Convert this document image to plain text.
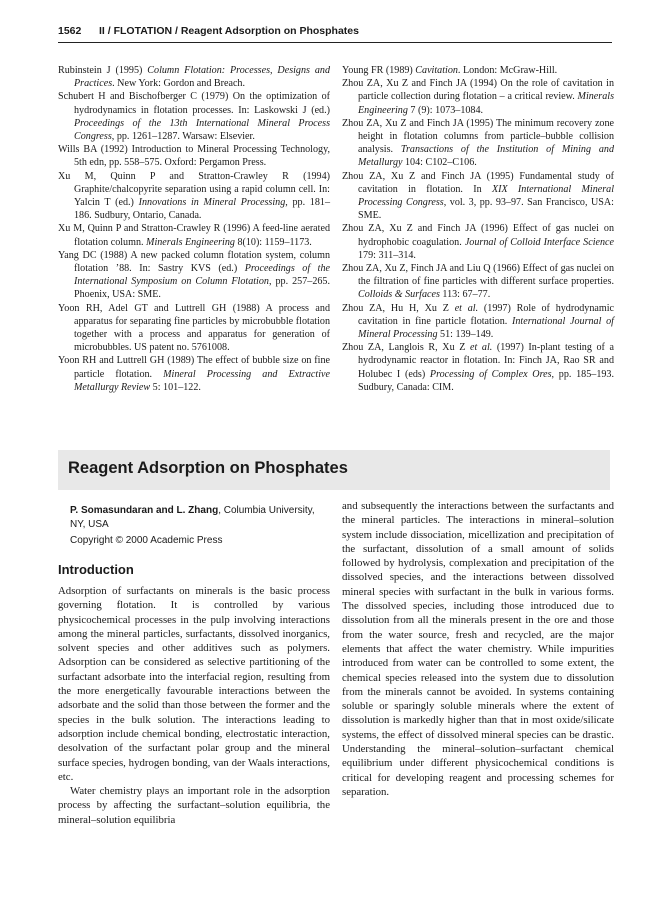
1562 II / FLOTATION / Reagent Adsorption on Phosphates

Rubinstein J (1995) Column Flotation: Processes, Designs and Practices. New York: Gordon and Breach.

Schubert H and Bischofberger C (1979) On the optimization of hydrodynamics in flotation processes. In: Laskowski J (ed.) Proceedings of the 13th International Mineral Process Congress, pp. 1261–1287. Warsaw: Elsevier.

Wills BA (1992) Introduction to Mineral Processing Technology, 5th edn, pp. 558–575. Oxford: Pergamon Press.

Xu M, Quinn P and Stratton-Crawley R (1994) Graphite/chalcopyrite separation using a rapid column cell. In: Yalcin T (ed.) Innovations in Mineral Processing, pp. 181–186. Sudbury, Ontario, Canada.

Xu M, Quinn P and Stratton-Crawley R (1996) A feed-line aerated flotation column. Minerals Engineering 8(10): 1159–1173.

Yang DC (1988) A new packed column flotation system, column flotation ’88. In: Sastry KVS (ed.) Proceedings of the International Symposium on Column Flotation, pp. 257–265. Phoenix, USA: SME.

Yoon RH, Adel GT and Luttrell GH (1988) A process and apparatus for separating fine particles by microbubble flotation together with a process and apparatus for generation of microbubbles. US patent no. 5761008.

Yoon RH and Luttrell GH (1989) The effect of bubble size on fine particle flotation. Mineral Processing and Extractive Metallurgy Review 5: 101–122.

Young FR (1989) Cavitation. London: McGraw-Hill.

Zhou ZA, Xu Z and Finch JA (1994) On the role of cavitation in particle collection during flotation – a critical review. Minerals Engineering 7 (9): 1073–1084.

Zhou ZA, Xu Z and Finch JA (1995) The minimum recovery zone height in flotation columns from particle–bubble collision analysis. Transactions of the Institution of Mining and Metallurgy 104: C102–C106.

Zhou ZA, Xu Z and Finch JA (1995) Fundamental study of cavitation in flotation. In XIX International Mineral Processing Congress, vol. 3, pp. 93–97. San Francisco, USA: SME.

Zhou ZA, Xu Z and Finch JA (1996) Effect of gas nuclei on hydrophobic coagulation. Journal of Colloid Interface Science 179: 311–314.

Zhou ZA, Xu Z, Finch JA and Liu Q (1966) Effect of gas nuclei on the filtration of fine particles with different surface properties. Colloids & Surfaces 113: 67–77.

Zhou ZA, Hu H, Xu Z et al. (1997) Role of hydrodynamic cavitation in fine particle flotation. International Journal of Mineral Processing 51: 139–149.

Zhou ZA, Langlois R, Xu Z et al. (1997) In-plant testing of a hydrodynamic reactor in flotation. In: Finch JA, Rao SR and Holubec I (eds) Processing of Complex Ores, pp. 185–193. Sudbury, Canada: CIM.

Reagent Adsorption on Phosphates
P. Somasundaran and L. Zhang, Columbia University, NY, USA
Copyright © 2000 Academic Press
Introduction

Adsorption of surfactants on minerals is the basic process governing flotation. It is controlled by various physicochemical processes in the pulp involving interactions among the mineral particles, surfactants, dissolved inorganics, solvent species and other additives such as polymers. Adsorption can be considered as selective partitioning of the surfactant adsorbate into the interfacial region, resulting from the more energetically favourable interactions between the adsorbate and the solid than those between the former and the species in the bulk solution. The interactions leading to adsorption include chemical bonding, electrostatic interaction, desolvation of the surfactant polar group and the mineral surface species, hydrogen bonding, van der Waals interactions, etc.

Water chemistry plays an important role in the adsorption process by affecting the surfactant–solution equilibria, the mineral–solution equilibria

and subsequently the interactions between the surfactants and the mineral particles. The interactions in mineral–solution system include dissociation, micellization and precipitation of the surfactant, dissolution of a small amount of solids followed by hydrolysis, complexation and precipitation of the dissolved species, and the interactions between dissolved mineral species with surfactant in the bulk in various forms. The dissolved species, including those introduced due to dissolution from all the minerals present in the ore and those from the water source, fresh and recycled, are the major elements that affect the water chemistry. While impurities introduced from water can be controlled to some extent, the chemical species released into the system due to dissolution from the minerals cannot be avoided. In systems containing soluble or sparingly soluble minerals where the extent of dissolution is markedly higher than that in most oxide/silicate systems, the effect of dissolved mineral species can be drastic. Understanding the mineral–solution–surfactant chemical equilibrium under different physicochemical conditions is critical for developing reagent and processing schemes for separation.
